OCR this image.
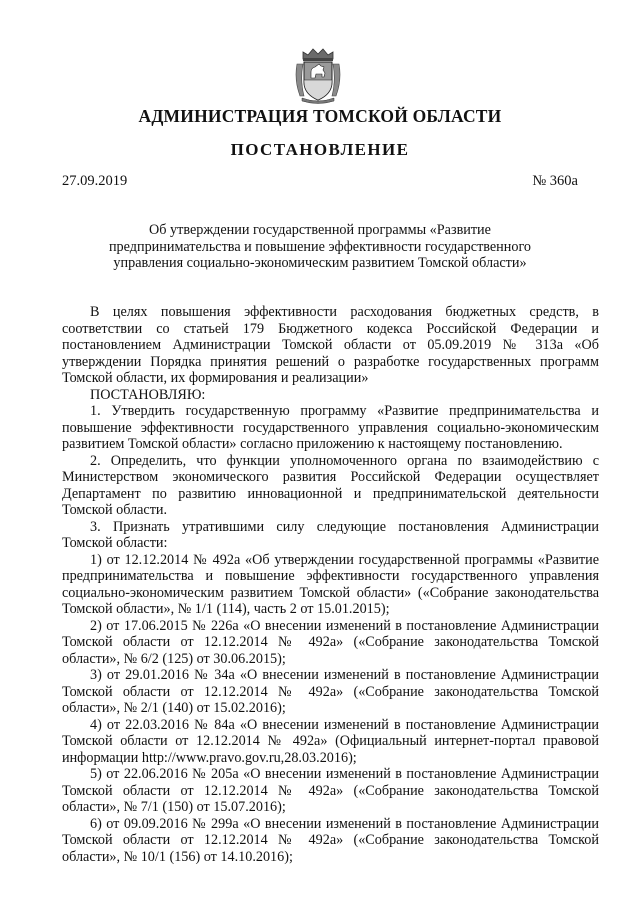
АДМИНИСТРАЦИЯ ТОМСКОЙ ОБЛАСТИ
ПОСТАНОВЛЕНИЕ
27.09.2019	№ 360а
Об утверждении государственной программы «Развитие
предпринимательства и повышение эффективности государственного
управления социально-экономическим развитием Томской области»

В целях повышения эффективности расходования бюджетных средств, в соответствии со статьей 179 Бюджетного кодекса Российской Федерации и постановлением Администрации Томской области от 05.09.2019 № 313а «Об утверждении Порядка принятия решений о разработке государственных программ Томской области, их формирования и реализации»

ПОСТАНОВЛЯЮ:

1. Утвердить государственную программу «Развитие предпринимательства и повышение эффективности государственного управления социально-экономическим развитием Томской области» согласно приложению к настоящему постановлению.

2. Определить, что функции уполномоченного органа по взаимодействию с Министерством экономического развития Российской Федерации осуществляет Департамент по развитию инновационной и предпринимательской деятельности Томской области.

3. Признать утратившими силу следующие постановления Администрации Томской области:

1) от 12.12.2014 № 492а «Об утверждении государственной программы «Развитие предпринимательства и повышение эффективности государственного управления социально-экономическим развитием Томской области» («Собрание законодательства Томской области», № 1/1 (114), часть 2 от 15.01.2015);

2) от 17.06.2015 № 226а «О внесении изменений в постановление Администрации Томской области от 12.12.2014 № 492а» («Собрание законодательства Томской области», № 6/2 (125) от 30.06.2015);

3) от 29.01.2016 № 34а «О внесении изменений в постановление Администрации Томской области от 12.12.2014 № 492а» («Собрание законодательства Томской области», № 2/1 (140) от 15.02.2016);

4) от 22.03.2016 № 84а «О внесении изменений в постановление Администрации Томской области от 12.12.2014 № 492а» (Официальный интернет-портал правовой информации http://www.pravo.gov.ru,28.03.2016);

5) от 22.06.2016 № 205а «О внесении изменений в постановление Администрации Томской области от 12.12.2014 № 492а» («Собрание законодательства Томской области», № 7/1 (150) от 15.07.2016);

6) от 09.09.2016 № 299а «О внесении изменений в постановление Администрации Томской области от 12.12.2014 № 492а» («Собрание законодательства Томской области», № 10/1 (156) от 14.10.2016);
